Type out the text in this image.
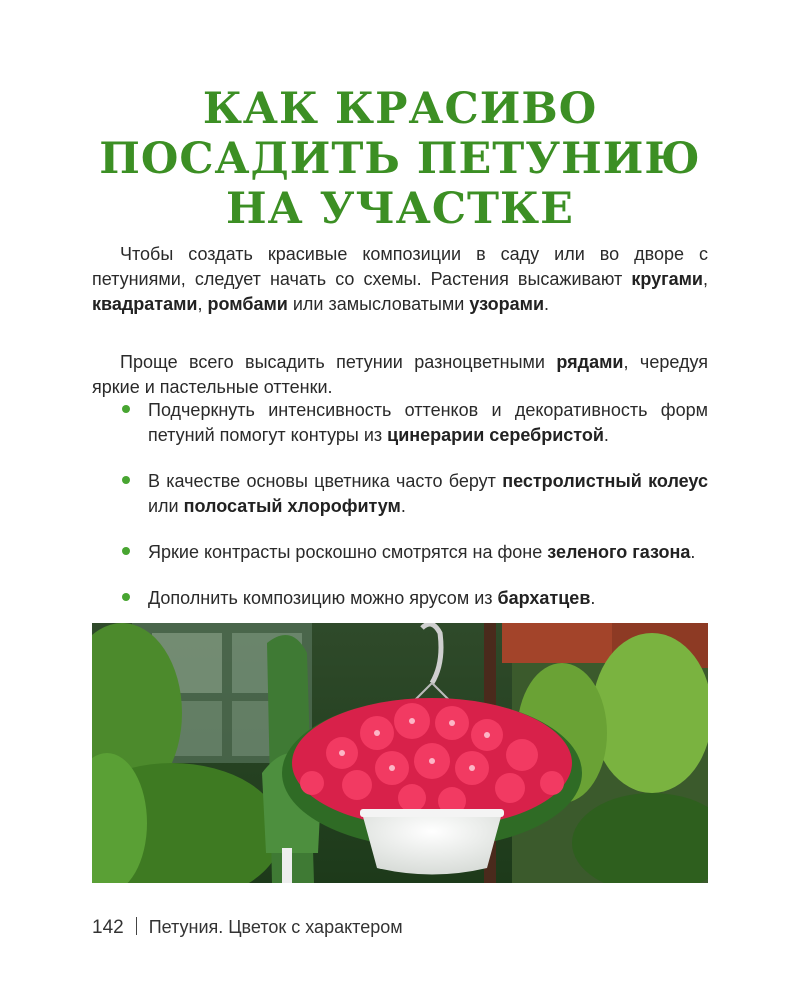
КАК КРАСИВО
ПОСАДИТЬ ПЕТУНИЮ
НА УЧАСТКЕ

Чтобы создать красивые композиции в саду или во дворе с петуниями, следует начать со схемы. Растения высаживают кругами, квадратами, ромбами или замысловатыми узорами.

Проще всего высадить петунии разноцветными рядами, чередуя яркие и пастельные оттенки.

Подчеркнуть интенсивность оттенков и декоративность форм петуний помогут контуры из цинерарии серебристой.
В качестве основы цветника часто берут пестролистный колеус или полосатый хлорофитум.
Яркие контрасты роскошно смотрятся на фоне зеленого газона.
Дополнить композицию можно ярусом из бархатцев.
142 Петуния. Цветок с характером
